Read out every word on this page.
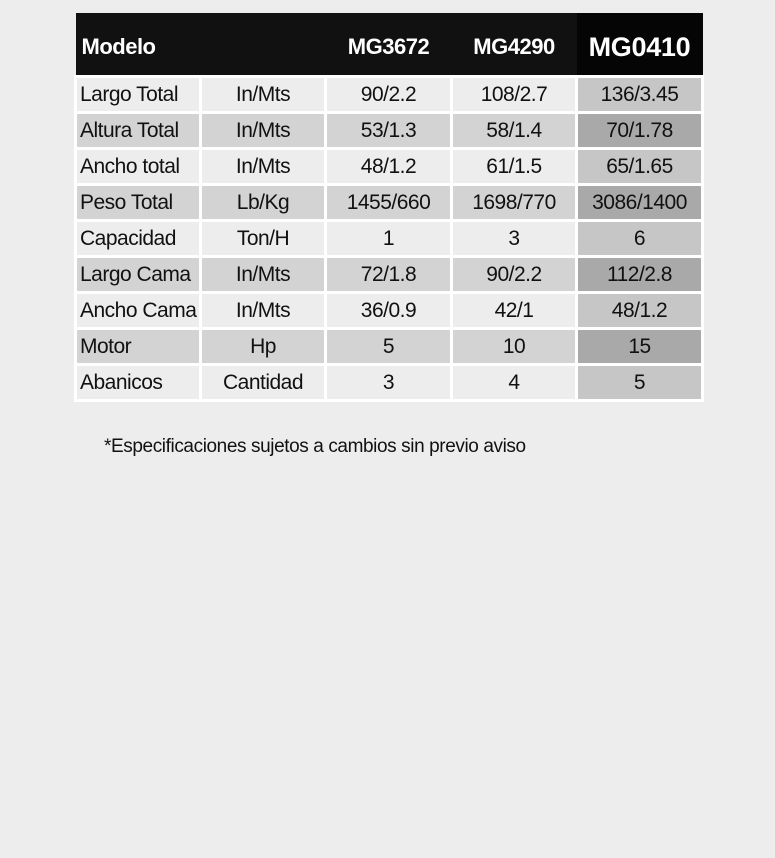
Modelo		MG3672	MG4290	MG0410
Largo Total	In/Mts	90/2.2	108/2.7	136/3.45
Altura Total	In/Mts	53/1.3	58/1.4	70/1.78
Ancho total	In/Mts	48/1.2	61/1.5	65/1.65
Peso Total	Lb/Kg	1455/660	1698/770	3086/1400
Capacidad	Ton/H	1	3	6
Largo Cama	In/Mts	72/1.8	90/2.2	112/2.8
Ancho Cama	In/Mts	36/0.9	42/1	48/1.2
Motor	Hp	5	10	15
Abanicos	Cantidad	3	4	5
*Especificaciones sujetos a cambios sin previo aviso
